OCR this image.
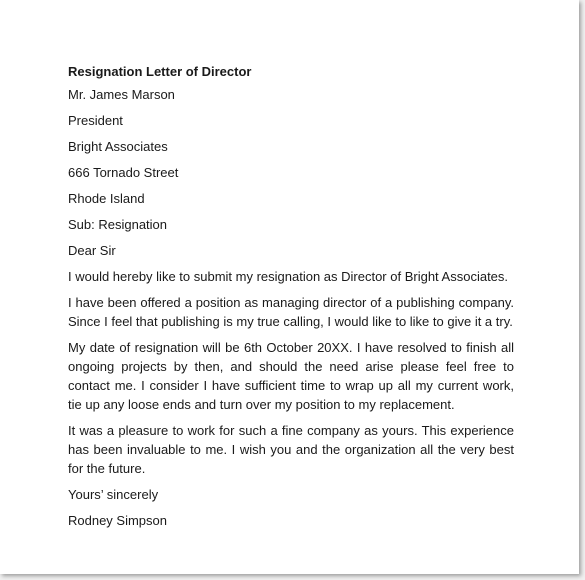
Resignation Letter of Director
Mr. James Marson
President
Bright Associates
666 Tornado Street
Rhode Island
Sub: Resignation
Dear Sir
I would hereby like to submit my resignation as Director of Bright Associates.
I have been offered a position as managing director of a publishing company. Since I feel that publishing is my true calling, I would like to like to give it a try.
My date of resignation will be 6th October 20XX. I have resolved to finish all ongoing projects by then, and should the need arise please feel free to contact me. I consider I have sufficient time to wrap up all my current work, tie up any loose ends and turn over my position to my replacement.
It was a pleasure to work for such a fine company as yours. This experience has been invaluable to me. I wish you and the organization all the very best for the future.
Yours’ sincerely
Rodney Simpson
